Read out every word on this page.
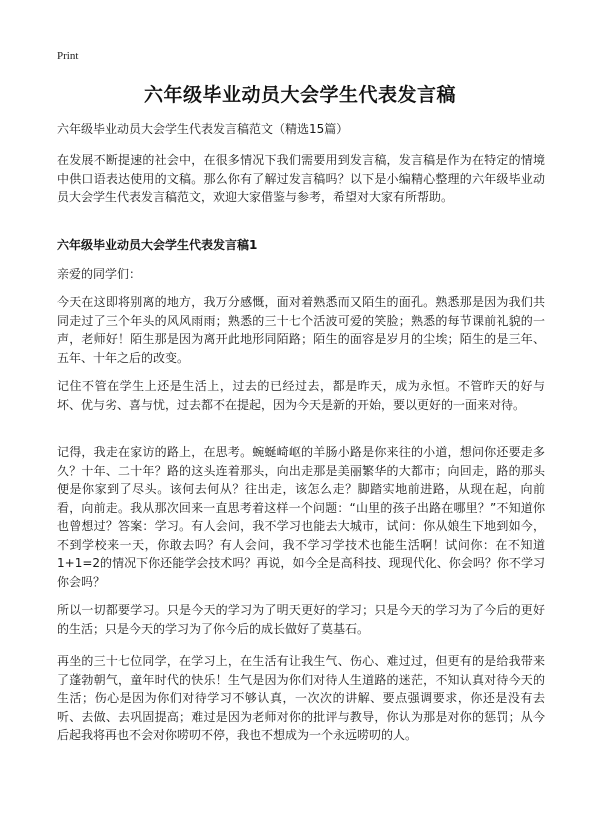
Print
六年级毕业动员大会学生代表发言稿
六年级毕业动员大会学生代表发言稿范文（精选15篇）

在发展不断提速的社会中，在很多情况下我们需要用到发言稿，发言稿是作为在特定的情境中供口语表达使用的文稿。那么你有了解过发言稿吗？以下是小编精心整理的六年级毕业动员大会学生代表发言稿范文，欢迎大家借鉴与参考，希望对大家有所帮助。

六年级毕业动员大会学生代表发言稿1

亲爱的同学们：

今天在这即将别离的地方，我万分感慨，面对着熟悉而又陌生的面孔。熟悉那是因为我们共同走过了三个年头的风风雨雨；熟悉的三十七个活波可爱的笑脸；熟悉的每节课前礼貌的一声，老师好！陌生那是因为离开此地形同陌路；陌生的面容是岁月的尘埃；陌生的是三年、五年、十年之后的改变。

记住不管在学生上还是生活上，过去的已经过去，都是昨天，成为永恒。不管昨天的好与坏、优与劣、喜与忧，过去都不在提起，因为今天是新的开始，要以更好的一面来对待。

记得，我走在家访的路上，在思考。蜿蜒崎岖的羊肠小路是你来往的小道，想问你还要走多久？十年、二十年？路的这头连着那头，向出走那是美丽繁华的大都市；向回走，路的那头便是你家到了尽头。该何去何从？往出走，该怎么走？脚踏实地前进路，从现在起，向前看，向前走。我从那次回来一直思考着这样一个问题：“山里的孩子出路在哪里？”不知道你也曾想过？答案：学习。有人会问，我不学习也能去大城市，试问：你从娘生下地到如今，不到学校来一天，你敢去吗？有人会问，我不学习学技术也能生活啊！试问你：在不知道1+1=2的情况下你还能学会技术吗？再说，如今全是高科技、现现代化、你会吗？你不学习你会吗？

所以一切都要学习。只是今天的学习为了明天更好的学习；只是今天的学习为了今后的更好的生活；只是今天的学习为了你今后的成长做好了莫基石。

再坐的三十七位同学，在学习上，在生活有让我生气、伤心、难过过，但更有的是给我带来了蓬勃朝气，童年时代的快乐！生气是因为你们对待人生道路的迷茫，不知认真对待今天的生活；伤心是因为你们对待学习不够认真，一次次的讲解、要点强调要求，你还是没有去听、去做、去巩固提高；难过是因为老师对你的批评与教导，你认为那是对你的惩罚；从今后起我将再也不会对你唠叨不停，我也不想成为一个永远唠叨的人。
